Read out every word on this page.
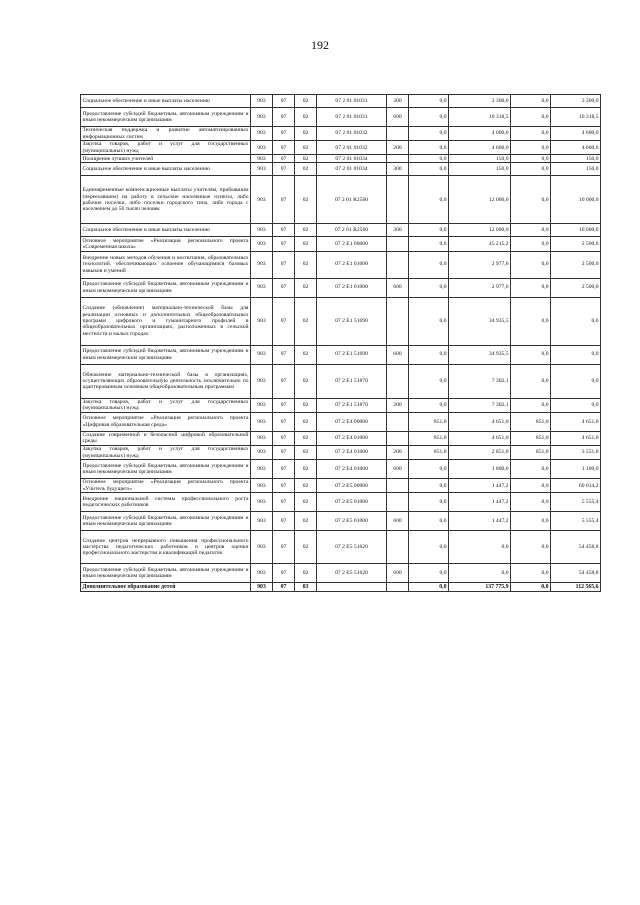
192
Социальное обеспечение и иные выплаты населению	903	07	02	07 2 01 01031	300	0,0	3 300,0	0,0	3 300,0
Предоставление субсидий бюджетным, автономным учреждениям и иным некоммерческим организациям	903	07	02	07 2 01 01031	600	0,0	10 318,5	0,0	10 318,5
Техническая поддержка и развитие автоматизированных информационных систем	903	07	02	07 2 01 01032		0,0	4 600,0	0,0	4 600,0
Закупка товаров, работ и услуг для государственных (муниципальных) нужд	903	07	02	07 2 01 01032	200	0,0	4 600,0	0,0	4 600,0
Поощрение лучших учителей	903	07	02	07 2 01 01034		0,0	150,0	0,0	150,0
Социальное обеспечение и иные выплаты населению	903	07	02	07 2 01 01034	300	0,0	150,0	0,0	150,0
Единовременные компенсационные выплаты учителям, прибывшим (переехавшим) на работу в сельские населенные пункты, либо рабочие поселки, либо поселки городского типа, либо города с населением до 50 тысяч человек	903	07	02	07 2 01 R2560		0,0	12 000,0	0,0	10 000,0
Социальное обеспечение и иные выплаты населению	903	07	02	07 2 01 R2560	300	0,0	12 000,0	0,0	10 000,0
Основное мероприятие «Реализация регионального проекта «Современная школа»	903	07	02	07 2 E1 00000		0,0	45 215,2	0,0	2 500,0
Внедрение новых методов обучения и воспитания, образовательных технологий, обеспечивающих освоение обучающимися базовых навыков и умений	903	07	02	07 2 E1 01000		0,0	2 977,6	0,0	2 500,0
Предоставление субсидий бюджетным, автономным учреждениям и иным некоммерческим организациям	903	07	02	07 2 E1 01000	600	0,0	2 977,6	0,0	2 500,0
Создание (обновление) материально-технической базы для реализации основных и дополнительных общеобразовательных программ цифрового и гуманитарного профилей в общеобразовательных организациях, расположенных в сельской местности и малых городах	903	07	02	07 2 E1 51690		0,0	34 935,5	0,0	0,0
Предоставление субсидий бюджетным, автономным учреждениям и иным некоммерческим организациям	903	07	02	07 2 E1 51690	600	0,0	34 935,5	0,0	0,0
Обновление материально-технической базы в организациях, осуществляющих образовательную деятельность исключительно по адаптированным основным общеобразовательным программам	903	07	02	07 2 E1 51870		0,0	7 302,1	0,0	0,0
Закупка товаров, работ и услуг для государственных (муниципальных) нужд	903	07	02	07 2 E1 51870	200	0,0	7 302,1	0,0	0,0
Основное мероприятие «Реализация регионального проекта «Цифровая образовательная среда»	903	07	02	07 2 E4 00000		851,0	4 651,0	851,0	4 651,0
Создание современной и безопасной цифровой образовательной среды	903	07	02	07 2 E4 01000		851,0	4 651,0	851,0	4 651,0
Закупка товаров, работ и услуг для государственных (муниципальных) нужд	903	07	02	07 2 E4 01000	200	851,0	2 851,0	851,0	3 551,0
Предоставление субсидий бюджетным, автономным учреждениям и иным некоммерческим организациям	903	07	02	07 2 E4 01000	600	0,0	1 800,0	0,0	1 100,0
Основное мероприятие «Реализация регионального проекта «Учитель будущего»	903	07	02	07 2 E5 00000		0,0	1 447,2	0,0	60 014,2
Внедрение национальной системы профессионального роста педагогических работников	903	07	02	07 2 E5 01000		0,0	1 447,2	0,0	5 555,4
Предоставление субсидий бюджетным, автономным учреждениям и иным некоммерческим организациям	903	07	02	07 2 E5 01000	600	0,0	1 447,2	0,0	5 555,4
Создание центров непрерывного повышения профессионального мастерства педагогических работников и центров оценки профессионального мастерства и квалификаций педагогов	903	07	02	07 2 E5 51620		0,0	0,0	0,0	54 458,8
Предоставление субсидий бюджетным, автономным учреждениям и иным некоммерческим организациям	903	07	02	07 2 E5 51620	600	0,0	0,0	0,0	54 458,8
Дополнительное образование детей	903	07	03			0,0	137 775,9	0,0	112 565,6
